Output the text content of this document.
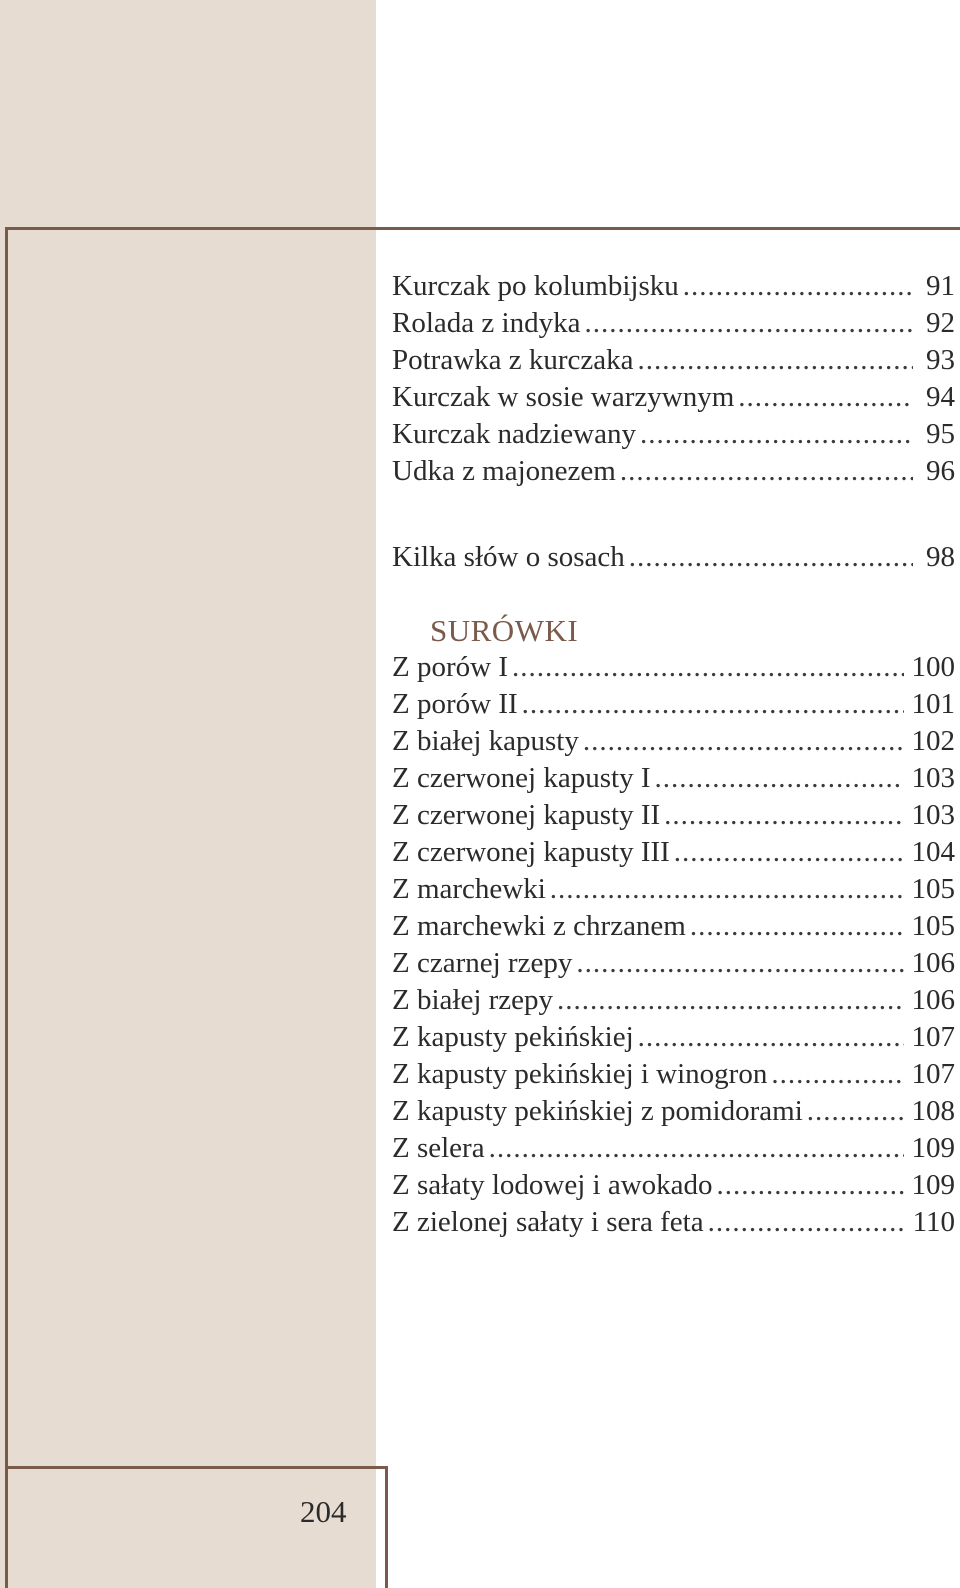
204
Kurczak po kolumbijsku .....	91
Rolada z indyka .....	92
Potrawka z kurczaka .....	93
Kurczak w sosie warzywnym .....	94
Kurczak nadziewany .....	95
Udka z majonezem .....	96
Kilka słów o sosach .....	98
SURÓWKI
Z porów I .....	100
Z porów II .....	101
Z białej kapusty .....	102
Z czerwonej kapusty I .....	103
Z czerwonej kapusty II .....	103
Z czerwonej kapusty III .....	104
Z marchewki .....	105
Z marchewki z chrzanem .....	105
Z czarnej rzepy .....	106
Z białej rzepy .....	106
Z kapusty pekińskiej .....	107
Z kapusty pekińskiej i winogron .....	107
Z kapusty pekińskiej z pomidorami .....	108
Z selera .....	109
Z sałaty lodowej i awokado .....	109
Z zielonej sałaty i sera feta .....	110
